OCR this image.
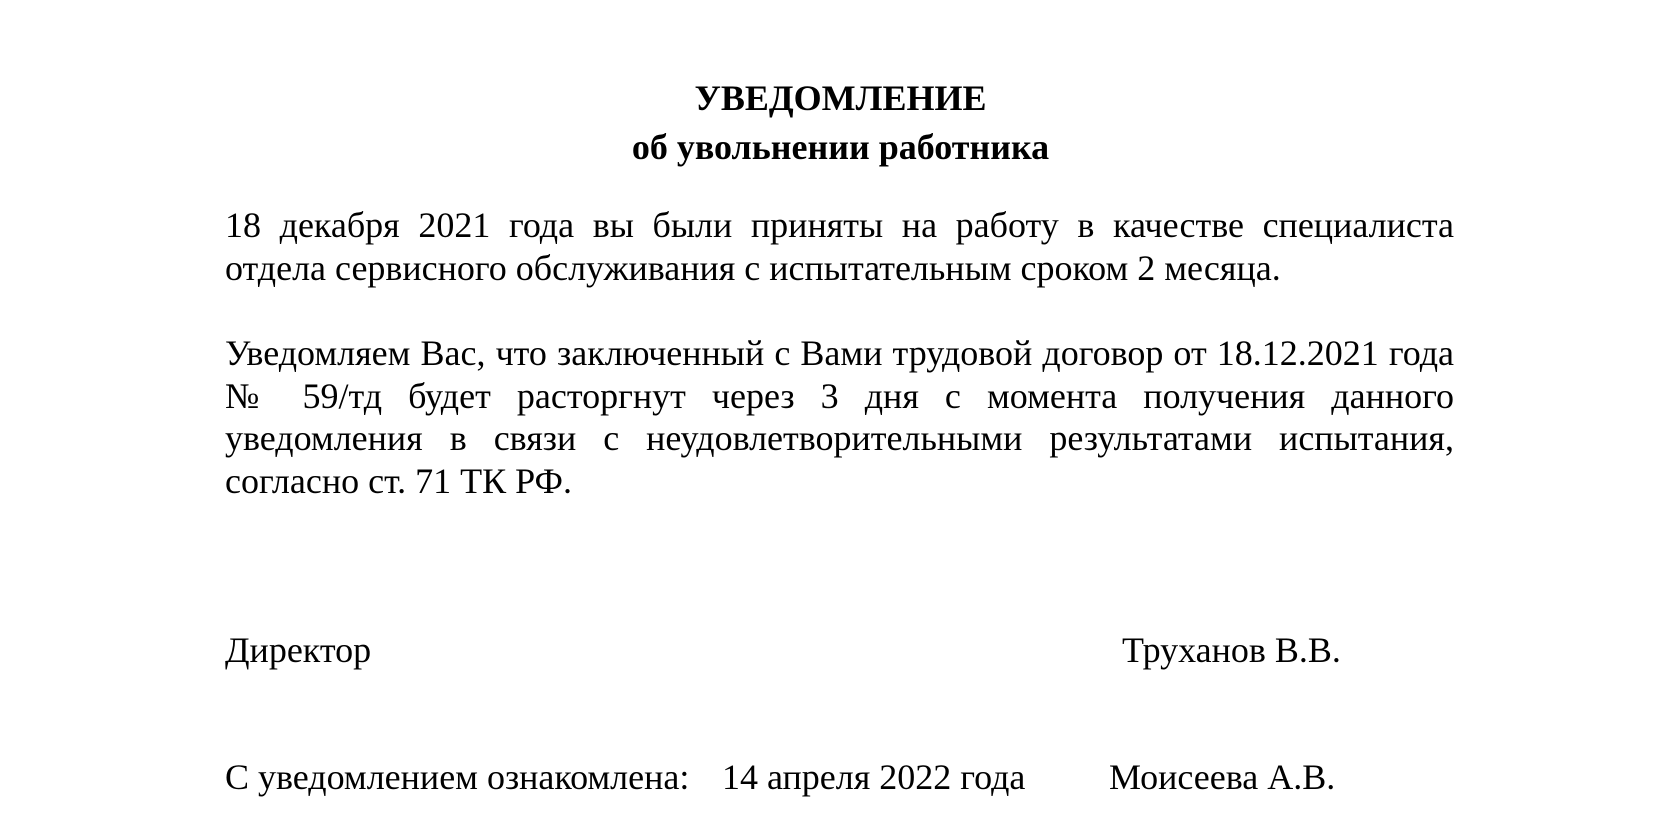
УВЕДОМЛЕНИЕ
об увольнении работника

18 декабря 2021 года вы были приняты на работу в качестве специалиста отдела сервисного обслуживания с испытательным сроком 2 месяца.

Уведомляем Вас, что заключенный с Вами трудовой договор от 18.12.2021 года № 59/тд будет расторгнут через 3 дня с момента получения данного уведомления в связи с неудовлетворительными результатами испытания, согласно ст. 71 ТК РФ.

Директор	Труханов В.В.
С уведомлением ознакомлена: 14 апреля 2022 года Моисеева А.В.
